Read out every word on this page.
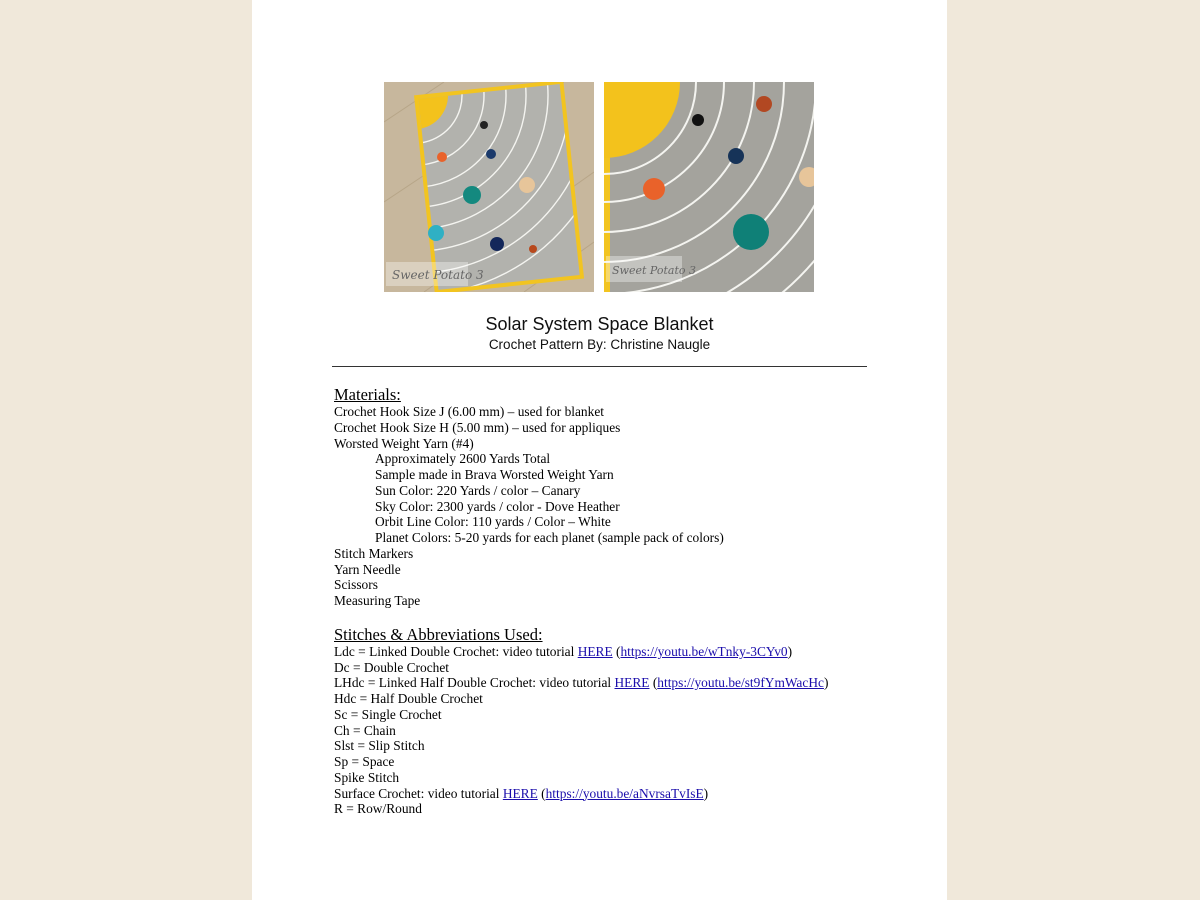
Sweet Potato 3	Sweet Potato 3
Solar System Space Blanket
Crochet Pattern By: Christine Naugle
Materials:
Crochet Hook Size J (6.00 mm) – used for blanket
Crochet Hook Size H (5.00 mm) – used for appliques
Worsted Weight Yarn (#4)
Approximately 2600 Yards Total
Sample made in Brava Worsted Weight Yarn
Sun Color: 220 Yards / color – Canary
Sky Color: 2300 yards / color - Dove Heather
Orbit Line Color: 110 yards / Color – White
Planet Colors: 5-20 yards for each planet (sample pack of colors)
Stitch Markers
Yarn Needle
Scissors
Measuring Tape
Stitches & Abbreviations Used:
Ldc = Linked Double Crochet: video tutorial HERE (https://youtu.be/wTnky-3CYv0)
Dc = Double Crochet
LHdc = Linked Half Double Crochet: video tutorial HERE (https://youtu.be/st9fYmWacHc)
Hdc = Half Double Crochet
Sc = Single Crochet
Ch = Chain
Slst = Slip Stitch
Sp = Space
Spike Stitch
Surface Crochet: video tutorial HERE (https://youtu.be/aNvrsaTvIsE)
R = Row/Round
